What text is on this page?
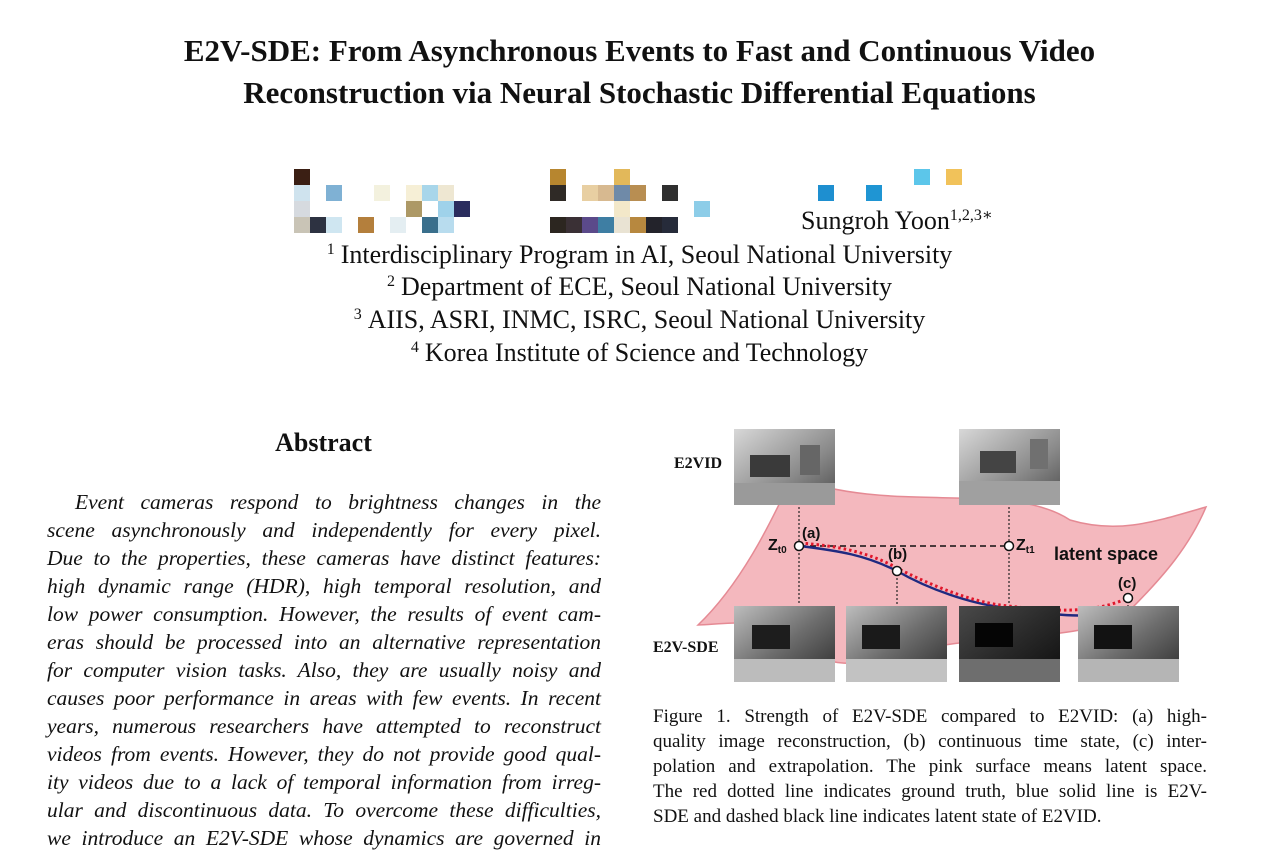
E2V-SDE: From Asynchronous Events to Fast and Continuous Video
Reconstruction via Neural Stochastic Differential Equations
Sungroh Yoon$^{1,2,3∗}$
$^1$ Interdisciplinary Program in AI, Seoul National University
$^2$ Department of ECE, Seoul National University
$^3$ AIIS, ASRI, INMC, ISRC, Seoul National University
$^4$ Korea Institute of Science and Technology
Abstract
Event cameras respond to brightness changes in the
scene asynchronously and independently for every pixel.
Due to the properties, these cameras have distinct features:
high dynamic range (HDR), high temporal resolution, and
low power consumption. However, the results of event cam-
eras should be processed into an alternative representation
for computer vision tasks. Also, they are usually noisy and
causes poor performance in areas with few events. In recent
years, numerous researchers have attempted to reconstruct
videos from events. However, they do not provide good qual-
ity videos due to a lack of temporal information from irreg-
ular and discontinuous data. To overcome these difficulties,
we introduce an E2V-SDE whose dynamics are governed in
(a)
(b)
(c)
latent space
Zt0	Zt1
E2VID
E2V-SDE
Figure 1. Strength of E2V-SDE compared to E2VID: (a) high-
quality image reconstruction, (b) continuous time state, (c) inter-
polation and extrapolation. The pink surface means latent space.
The red dotted line indicates ground truth, blue solid line is E2V-
SDE and dashed black line indicates latent state of E2VID.
